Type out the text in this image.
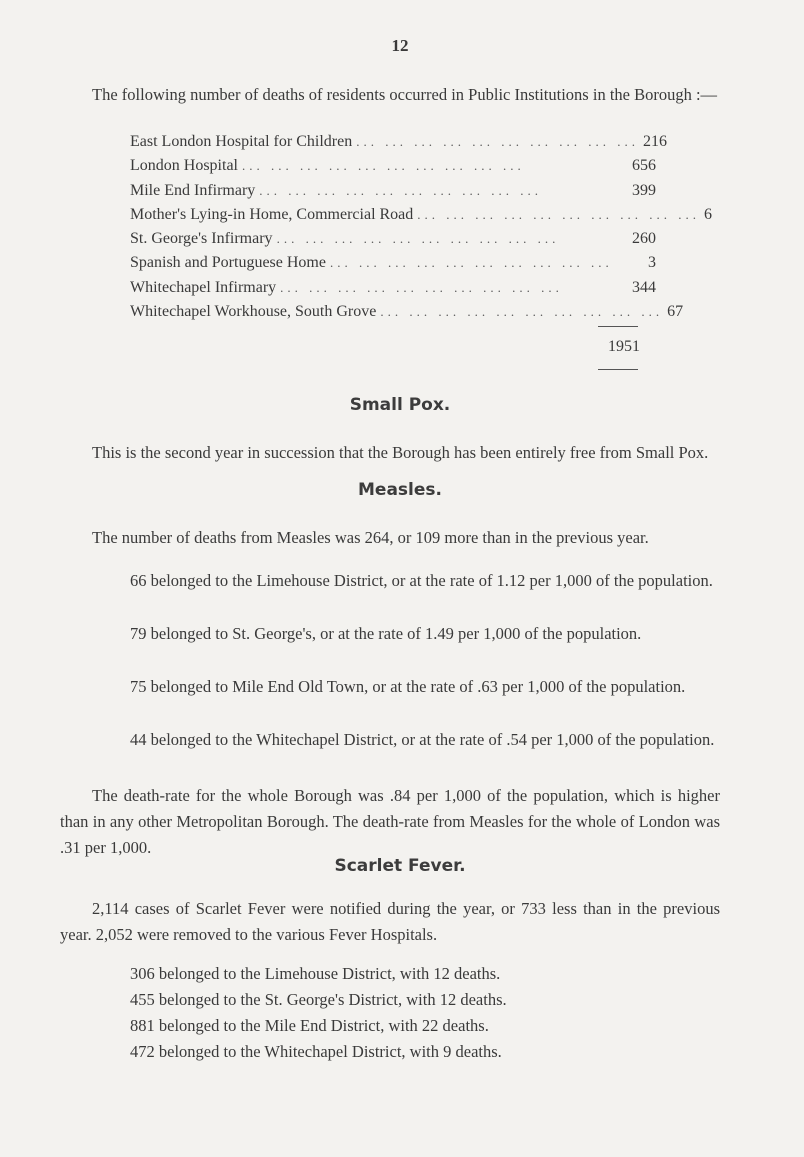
12

The following number of deaths of residents occurred in Public Institutions in the Borough :—

East London Hospital for Children ... ... ... ... ... ... ... ... ... ... 216
London Hospital ... ... ... ... ... ... ... ... ... ...	656
Mile End Infirmary ... ... ... ... ... ... ... ... ... ...	399
Mother's Lying-in Home, Commercial Road ... ... ... ... ... ... ... ... ... ... 6
St. George's Infirmary ... ... ... ... ... ... ... ... ... ...	260
Spanish and Portuguese Home ... ... ... ... ... ... ... ... ... ...	3
Whitechapel Infirmary ... ... ... ... ... ... ... ... ... ...	344
Whitechapel Workhouse, South Grove ... ... ... ... ... ... ... ... ... ... 67
1951
Small Pox.

This is the second year in succession that the Borough has been entirely free from Small Pox.

Measles.

The number of deaths from Measles was 264, or 109 more than in the previous year.

66 belonged to the Limehouse District, or at the rate of 1.12 per 1,000 of the population.

79 belonged to St. George's, or at the rate of 1.49 per 1,000 of the population.

75 belonged to Mile End Old Town, or at the rate of .63 per 1,000 of the population.

44 belonged to the Whitechapel District, or at the rate of .54 per 1,000 of the population.

The death-rate for the whole Borough was .84 per 1,000 of the population, which is higher than in any other Metropolitan Borough. The death-rate from Measles for the whole of London was .31 per 1,000.

Scarlet Fever.

2,114 cases of Scarlet Fever were notified during the year, or 733 less than in the previous year. 2,052 were removed to the various Fever Hospitals.

306 belonged to the Limehouse District, with 12 deaths.

455 belonged to the St. George's District, with 12 deaths.

881 belonged to the Mile End District, with 22 deaths.

472 belonged to the Whitechapel District, with 9 deaths.
